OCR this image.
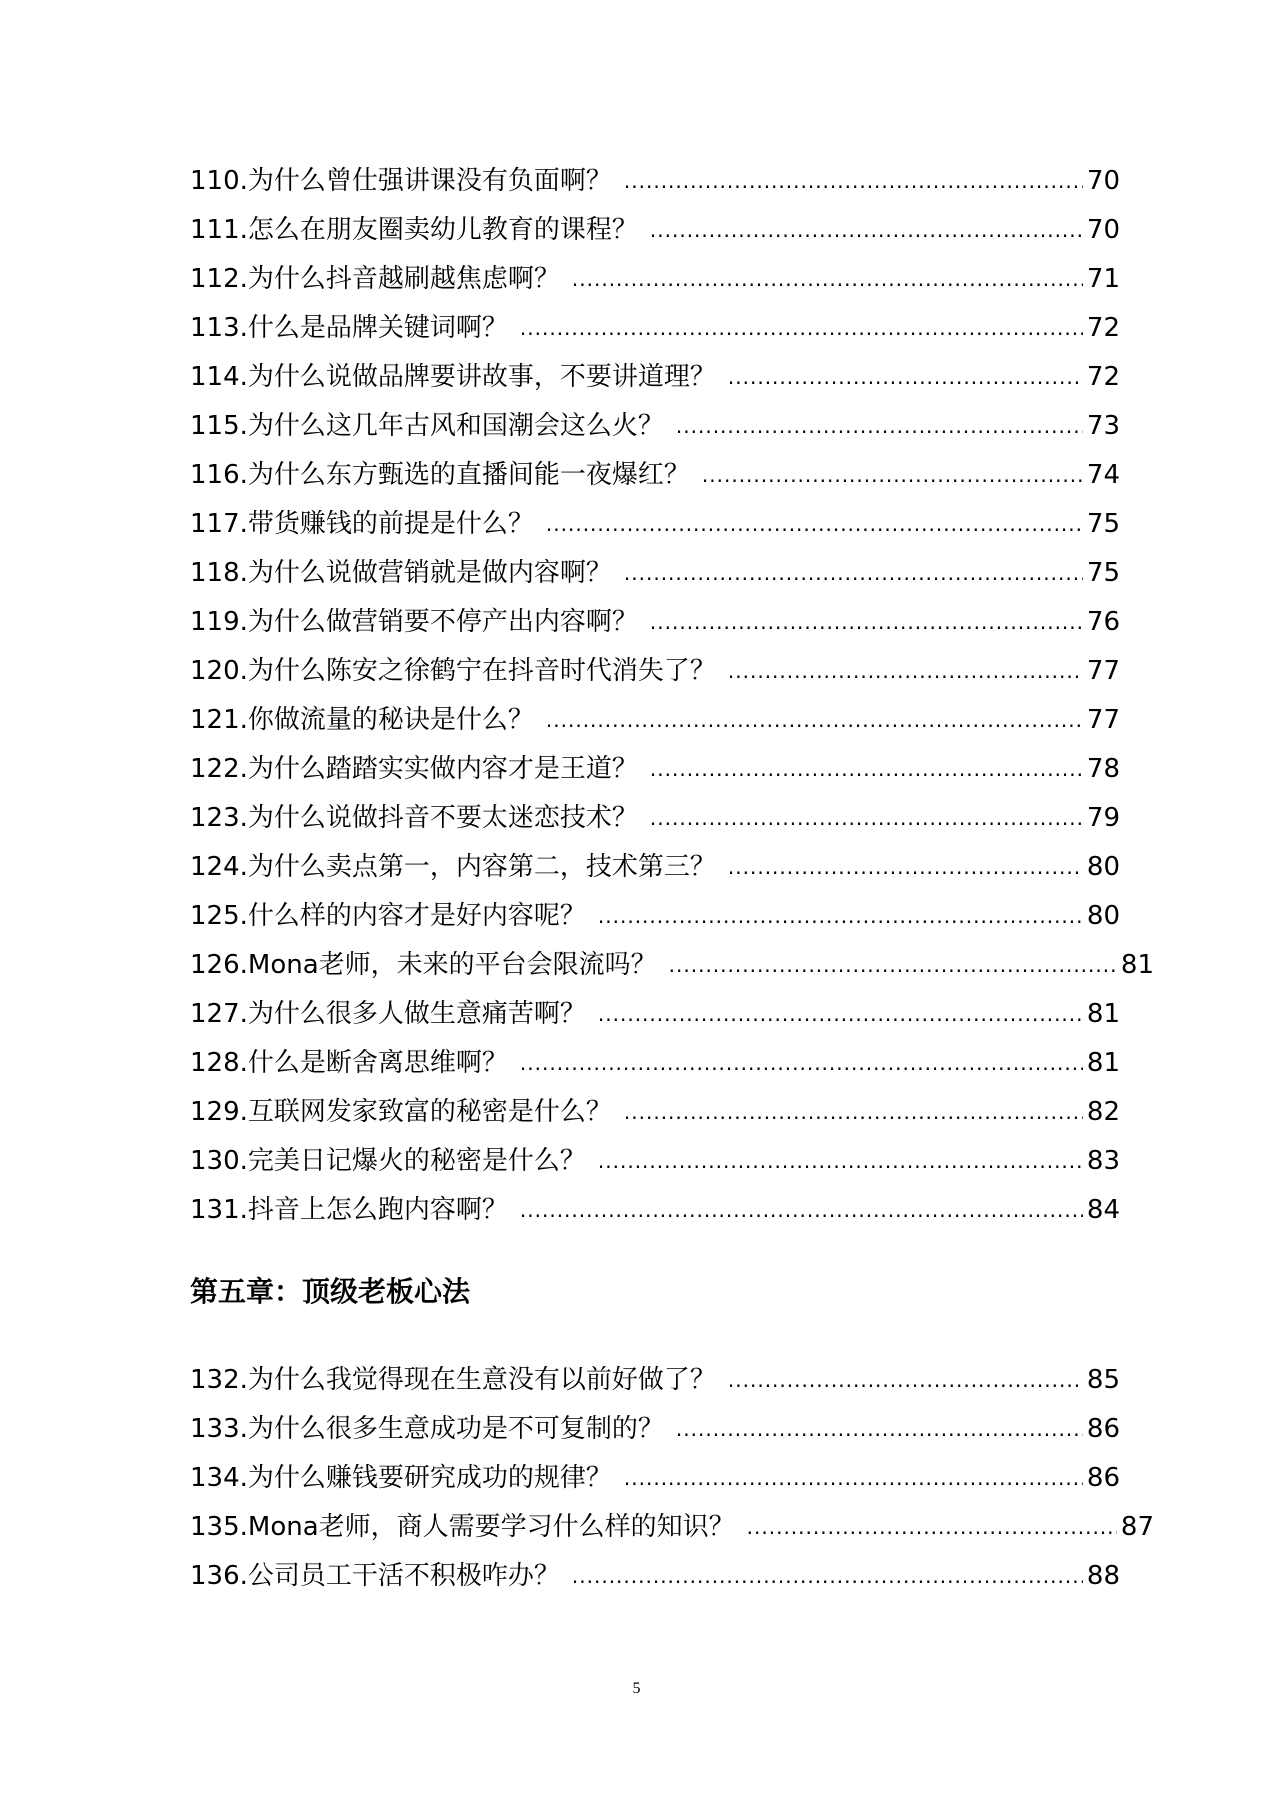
110.为什么曾仕强讲课没有负面啊？ .....	70
111.怎么在朋友圈卖幼儿教育的课程？ .....	70
112.为什么抖音越刷越焦虑啊？ .....	71
113.什么是品牌关键词啊？ .....	72
114.为什么说做品牌要讲故事，不要讲道理？ .....	72
115.为什么这几年古风和国潮会这么火？ .....	73
116.为什么东方甄选的直播间能一夜爆红？ .....	74
117.带货赚钱的前提是什么？ .....	75
118.为什么说做营销就是做内容啊？ .....	75
119.为什么做营销要不停产出内容啊？ .....	76
120.为什么陈安之徐鹤宁在抖音时代消失了？ .....	77
121.你做流量的秘诀是什么？ .....	77
122.为什么踏踏实实做内容才是王道？ .....	78
123.为什么说做抖音不要太迷恋技术？ .....	79
124.为什么卖点第一，内容第二，技术第三？ .....	80
125.什么样的内容才是好内容呢？ .....	80
126.Mona老师，未来的平台会限流吗？ .....	81
127.为什么很多人做生意痛苦啊？ .....	81
128.什么是断舍离思维啊？ .....	81
129.互联网发家致富的秘密是什么？ .....	82
130.完美日记爆火的秘密是什么？ .....	83
131.抖音上怎么跑内容啊？ .....	84
第五章：顶级老板心法
132.为什么我觉得现在生意没有以前好做了？ .....	85
133.为什么很多生意成功是不可复制的？ .....	86
134.为什么赚钱要研究成功的规律？ .....	86
135.Mona老师，商人需要学习什么样的知识？ .....	87
136.公司员工干活不积极咋办？ .....	88
5
